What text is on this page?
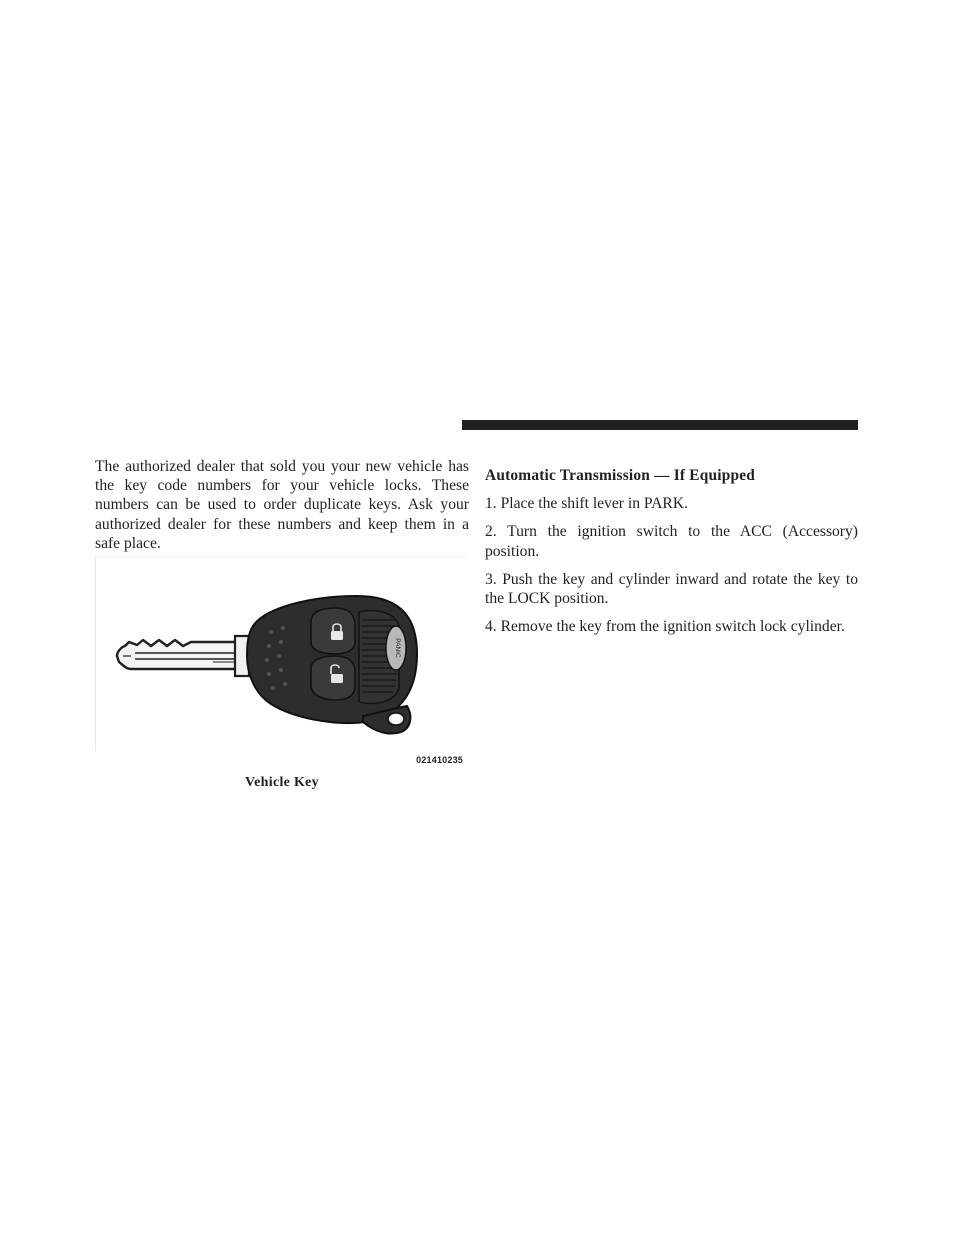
The authorized dealer that sold you your new vehicle has the key code numbers for your vehicle locks. These numbers can be used to order duplicate keys. Ask your authorized dealer for these numbers and keep them in a safe place.

PANIC
021410235
Vehicle Key
Automatic Transmission — If Equipped
1. Place the shift lever in PARK.
2. Turn the ignition switch to the ACC (Accessory) position.
3. Push the key and cylinder inward and rotate the key to the LOCK position.
4. Remove the key from the ignition switch lock cylinder.
